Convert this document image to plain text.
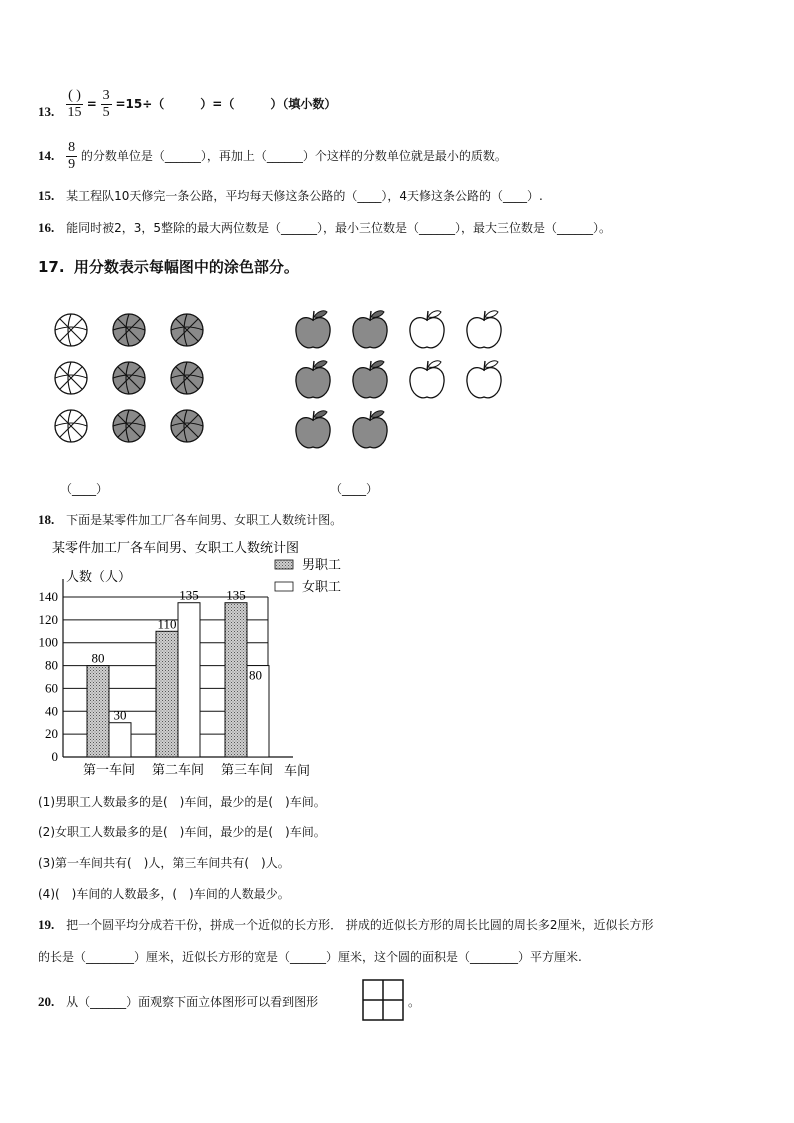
13. $\frac{( )}{15} = \frac{3}{5} =15\div$（　　　）=（　　　）（填小数）
14. $\frac{8}{9}$ 的分数单位是（______），再加上（______）个这样的分数单位就是最小的质数。
15. 某工程队10天修完一条公路，平均每天修这条公路的（____），4天修这条公路的（____）.
16. 能同时被2，3，5整除的最大两位数是（______），最小三位数是（______），最大三位数是（______）。
17. 用分数表示每幅图中的涂色部分。
（____）	（____）
18. 下面是某零件加工厂各车间男、女职工人数统计图。
某零件加工厂各车间男、女职工人数统计图
人数（人）
男职工
女职工
0
20
40
60
80
100
120
140
80
30
110
135 135
80
第一车间 第二车间 第三车间 车间
(1)男职工人数最多的是(　)车间，最少的是(　)车间。
(2)女职工人数最多的是(　)车间，最少的是(　)车间。
(3)第一车间共有(　)人，第三车间共有(　)人。
(4)(　)车间的人数最多，(　)车间的人数最少。
19. 把一个圆平均分成若干份，拼成一个近似的长方形． 拼成的近似长方形的周长比圆的周长多2厘米，近似长方形
的长是（________）厘米，近似长方形的宽是（______）厘米，这个圆的面积是（________）平方厘米.
20. 从（______）面观察下面立体图形可以看到图形	。
